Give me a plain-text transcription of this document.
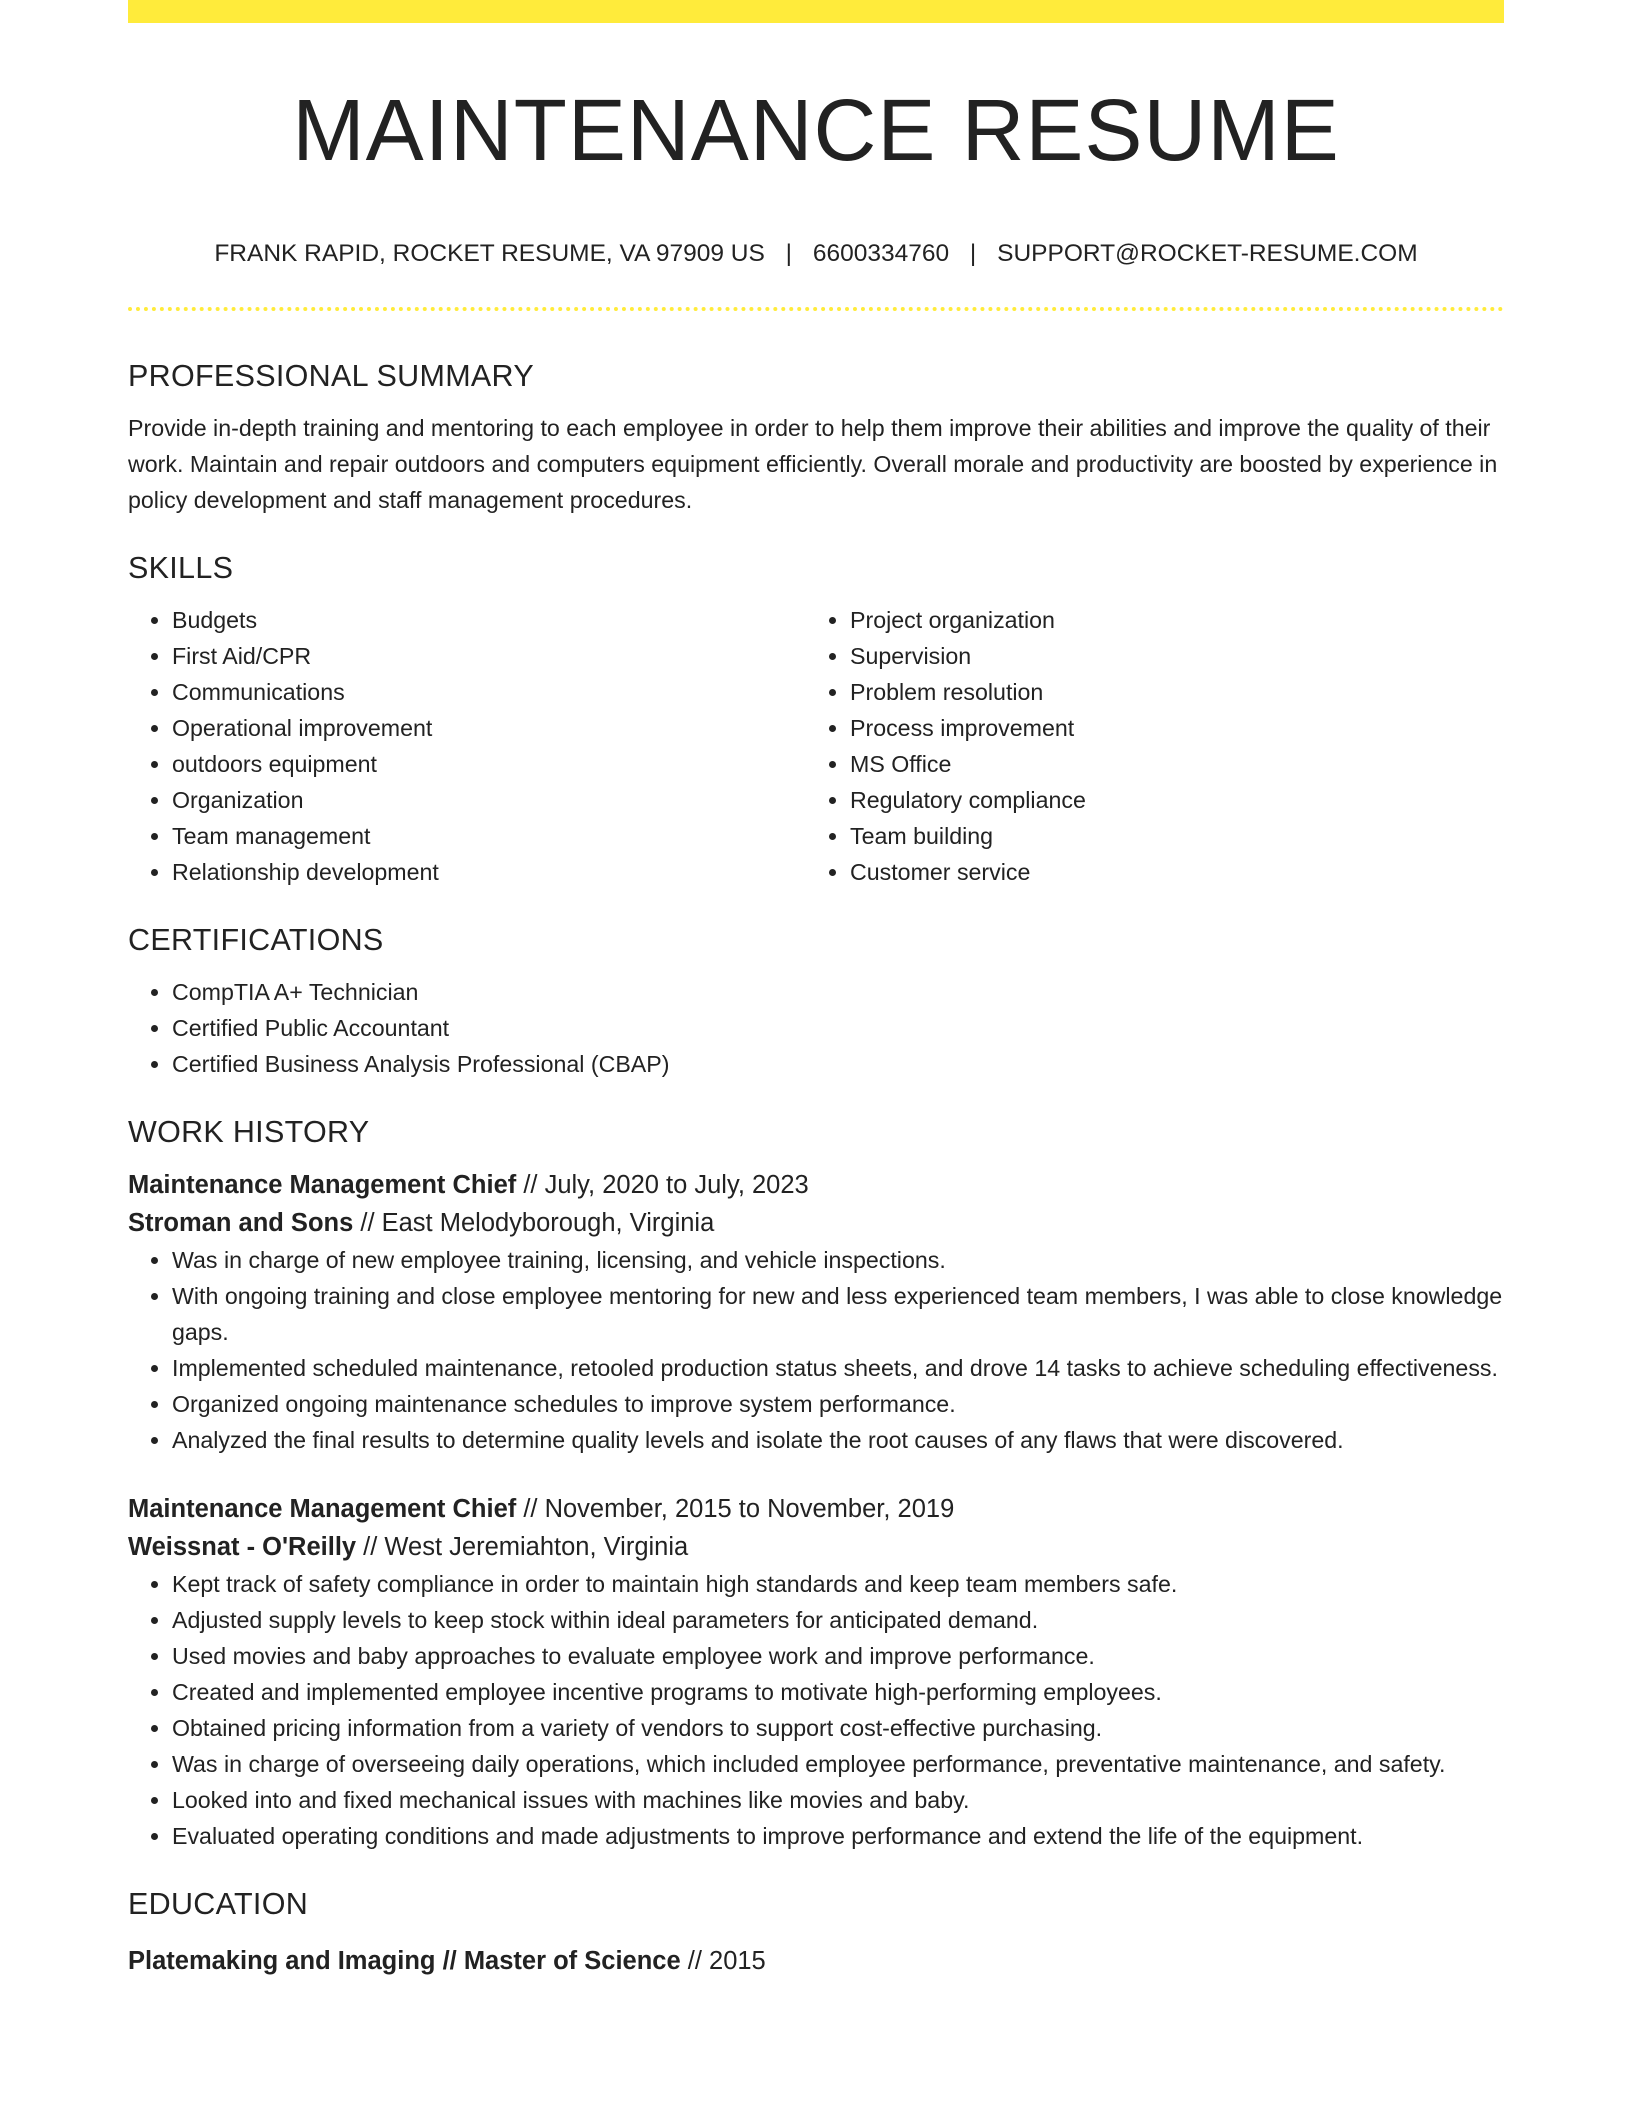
MAINTENANCE RESUME
FRANK RAPID, ROCKET RESUME, VA 97909 US | 6600334760 | SUPPORT@ROCKET-RESUME.COM
PROFESSIONAL SUMMARY

Provide in-depth training and mentoring to each employee in order to help them improve their abilities and improve the quality of their work. Maintain and repair outdoors and computers equipment efficiently. Overall morale and productivity are boosted by experience in policy development and staff management procedures.

SKILLS
• Budgets
• First Aid/CPR
• Communications
• Operational improvement
• outdoors equipment
• Organization
• Team management
• Relationship development
• Project organization
• Supervision
• Problem resolution
• Process improvement
• MS Office
• Regulatory compliance
• Team building
• Customer service
CERTIFICATIONS
• CompTIA A+ Technician
• Certified Public Accountant
• Certified Business Analysis Professional (CBAP)
WORK HISTORY
Maintenance Management Chief // July, 2020 to July, 2023
Stroman and Sons // East Melodyborough, Virginia
• Was in charge of new employee training, licensing, and vehicle inspections.
• With ongoing training and close employee mentoring for new and less experienced team members, I was able to close knowledge gaps.
• Implemented scheduled maintenance, retooled production status sheets, and drove 14 tasks to achieve scheduling effectiveness.
• Organized ongoing maintenance schedules to improve system performance.
• Analyzed the final results to determine quality levels and isolate the root causes of any flaws that were discovered.
Maintenance Management Chief // November, 2015 to November, 2019
Weissnat - O'Reilly // West Jeremiahton, Virginia
• Kept track of safety compliance in order to maintain high standards and keep team members safe.
• Adjusted supply levels to keep stock within ideal parameters for anticipated demand.
• Used movies and baby approaches to evaluate employee work and improve performance.
• Created and implemented employee incentive programs to motivate high-performing employees.
• Obtained pricing information from a variety of vendors to support cost-effective purchasing.
• Was in charge of overseeing daily operations, which included employee performance, preventative maintenance, and safety.
• Looked into and fixed mechanical issues with machines like movies and baby.
• Evaluated operating conditions and made adjustments to improve performance and extend the life of the equipment.
EDUCATION
Platemaking and Imaging // Master of Science // 2015
